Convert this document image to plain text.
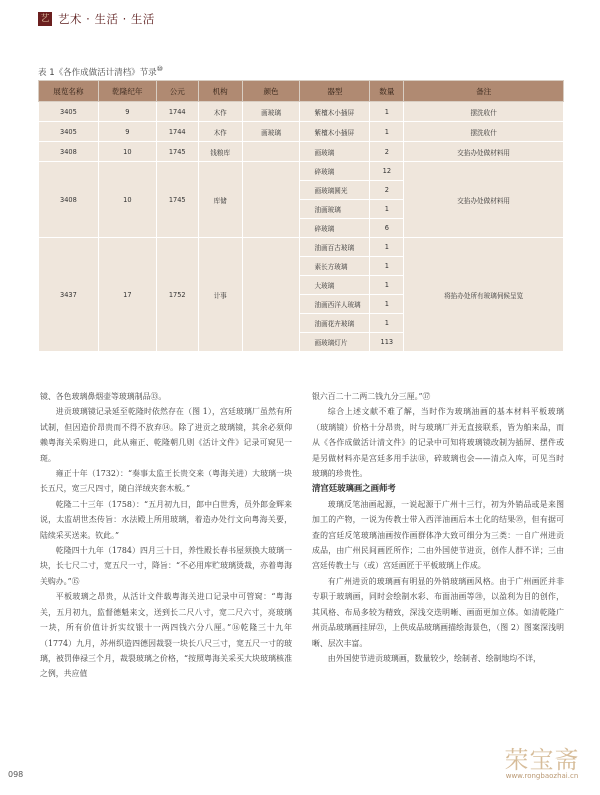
艺 艺术 · 生活 · 生活
表 1《各作成做活计清档》节录⑩
展览名称	乾隆纪年	公元	机构	颜色	器型	数量	备注
3405	9	1744	木作	画玻璃	紫檀木小插屏	1	摆洗收什
3405	9	1744	木作	画玻璃	紫檀木小插屏	1	摆洗收什
3408	10	1745	钱粮库		画玻璃	2	交掐办处做材料用
3408	10	1745	库储		碎玻璃	12	交掐办处做材料用
					画玻璃圆光	2	
					油画玻璃	1	
					碎玻璃	6	
3437	17	1752	计事		油画百古玻璃	1	将掐办处所有玻璃伺候呈览
					素长方玻璃	1	
					大玻璃	1	
					油画西洋人玻璃	1	
					油画花卉玻璃	1	
					画玻璃灯片	113	

镜、各色玻璃鼻烟壶等玻璃制品⑬。

进贡玻璃镜记录延至乾隆时依然存在（图 1），宫廷玻璃厂虽然有所试制，但因造价昂贵而不得不放弃⑭。除了进贡之玻璃镜，其余必须仰赖粤海关采购进口，此从雍正、乾隆朝几则《活计文件》记录可窥见一斑。

雍正十年（1732）：“奏事太监王长贵交来（粤海关进）大玻璃一块长五尺，宽三尺四寸，随白洋绒夹套木板。”

乾隆二十三年（1758）：“五月初九日，郎中白世秀，员外郎金辉来说，太监胡世杰传旨：水法殿上所用玻璃，着造办处行文向粤海关要，陆续采买送来。钦此。”

乾隆四十九年（1784）四月三十日，养性殿长春书屋须换大玻璃一块，长七尺二寸，宽五尺一寸，降旨：“不必用库贮玻璃烫裁，亦着粤海关购办。”⑮

平板玻璃之昂贵，从活计文件载粤海关进口记录中可管窥：“粤海关，五月初九，监督德魁来文，送到长二尺八寸，宽二尺六寸，亮玻璃一块，所有价值计折实纹银十一两四钱六分八厘。”⑯乾隆三十九年（1774）九月，苏州织造四德因裁裂一块长八尺三寸，宽五尺一寸的玻璃，被罚俸禄三个月，裁裂玻璃之价格，“按照粤海关采买大块玻璃核准之例，共应值

银六百二十二两二钱九分三厘。”⑰

综合上述文献不难了解，当时作为玻璃油画的基本材料平板玻璃（玻璃镜）价格十分昂贵，时与玻璃厂并无直接联系，皆为舶来品，而从《各作成做活计清文件》的记录中可知将玻璃镜改制为插屏、摆件或是另做材料亦是宫廷多用手法⑱，碎玻璃也会——清点入库，可见当时玻璃的珍贵性。

清宫廷玻璃画之画师考

玻璃反笔油画起源，一说起源于广州十三行，初为外销品或是来图加工的产物，一说为传教士带入西洋油画后本土化的结果⑲，但有据可查的宫廷反笔玻璃油画按作画群体净大致可细分为三类：一自广州进贡成品，由广州民间画匠所作；二由外国使节进贡，创作人群不详；三由宫廷传教士与（或）宫廷画匠于平板玻璃上作成。

有广州进贡的玻璃画有明显的外销玻璃画风格。由于广州画匠并非专职于玻璃画，同时会绘制水彩、布面油画等⑳，以盈利为目的创作，其风格、布局多较为精致，深浅交迭明晰、画面更加立体。如清乾隆广州贡品玻璃画挂屏㉑，上供成品玻璃画描绘海景色，（图 2）图案深浅明晰、层次丰富。

由外国使节进贡玻璃画，数量较少，绘制者、绘制地均不详，

098
荣宝斋
www.rongbaozhai.cn
